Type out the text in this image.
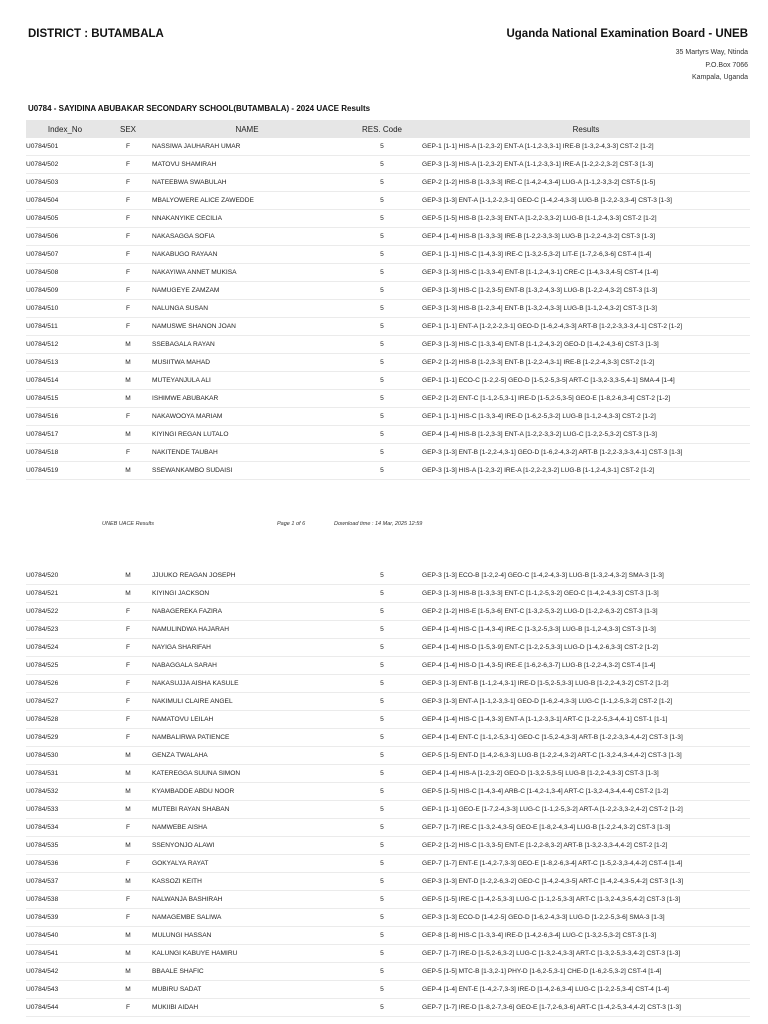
DISTRICT : BUTAMBALA	Uganda National Examination Board - UNEB
35 Martyrs Way, Ntinda
P.O.Box 7066
Kampala, Uganda
U0784 - SAYIDINA ABUBAKAR SECONDARY SCHOOL(BUTAMBALA) - 2024 UACE Results
Index_No	SEX	NAME	RES. Code	Results
U0784/501	F	NASSIWA JAUHARAH UMAR	5	GEP-1 [1-1] HIS-A [1-2,3-2] ENT-A [1-1,2-3,3-1] IRE-B [1-3,2-4,3-3] CST-2 [1-2]
U0784/502	F	MATOVU SHAMIRAH	5	GEP-3 [1-3] HIS-A [1-2,3-2] ENT-A [1-1,2-3,3-1] IRE-A [1-2,2-2,3-2] CST-3 [1-3]
U0784/503	F	NATEEBWA SWABULAH	5	GEP-2 [1-2] HIS-B [1-3,3-3] IRE-C [1-4,2-4,3-4] LUG-A [1-1,2-3,3-2] CST-5 [1-5]
U0784/504	F	MBALYOWERE ALICE ZAWEDDE	5	GEP-3 [1-3] ENT-A [1-1,2-2,3-1] GEO-C [1-4,2-4,3-3] LUG-B [1-2,2-3,3-4] CST-3 [1-3]
U0784/505	F	NNAKANYIKE CECILIA	5	GEP-5 [1-5] HIS-B [1-2,3-3] ENT-A [1-2,2-3,3-2] LUG-B [1-1,2-4,3-3] CST-2 [1-2]
U0784/506	F	NAKASAGGA SOFIA	5	GEP-4 [1-4] HIS-B [1-3,3-3] IRE-B [1-2,2-3,3-3] LUG-B [1-2,2-4,3-2] CST-3 [1-3]
U0784/507	F	NAKABUGO RAYAAN	5	GEP-1 [1-1] HIS-C [1-4,3-3] IRE-C [1-3,2-5,3-2] LIT-E [1-7,2-6,3-6] CST-4 [1-4]
U0784/508	F	NAKAYIWA ANNET MUKISA	5	GEP-3 [1-3] HIS-C [1-3,3-4] ENT-B [1-1,2-4,3-1] CRE-C [1-4,3-3,4-5] CST-4 [1-4]
U0784/509	F	NAMUGEYE ZAMZAM	5	GEP-3 [1-3] HIS-C [1-2,3-5] ENT-B [1-3,2-4,3-3] LUG-B [1-2,2-4,3-2] CST-3 [1-3]
U0784/510	F	NALUNGA SUSAN	5	GEP-3 [1-3] HIS-B [1-2,3-4] ENT-B [1-3,2-4,3-3] LUG-B [1-1,2-4,3-2] CST-3 [1-3]
U0784/511	F	NAMUSWE SHANON JOAN	5	GEP-1 [1-1] ENT-A [1-2,2-2,3-1] GEO-D [1-6,2-4,3-3] ART-B [1-2,2-3,3-3,4-1] CST-2 [1-2]
U0784/512	M	SSEBAGALA RAYAN	5	GEP-3 [1-3] HIS-C [1-3,3-4] ENT-B [1-1,2-4,3-2] GEO-D [1-4,2-4,3-6] CST-3 [1-3]
U0784/513	M	MUSIITWA MAHAD	5	GEP-2 [1-2] HIS-B [1-2,3-3] ENT-B [1-2,2-4,3-1] IRE-B [1-2,2-4,3-3] CST-2 [1-2]
U0784/514	M	MUTEYANJULA ALI	5	GEP-1 [1-1] ECO-C [1-2,2-5] GEO-D [1-5,2-5,3-5] ART-C [1-3,2-3,3-5,4-1] SMA-4 [1-4]
U0784/515	M	ISHIMWE ABUBAKAR	5	GEP-2 [1-2] ENT-C [1-1,2-5,3-1] IRE-D [1-5,2-5,3-5] GEO-E [1-8,2-6,3-4] CST-2 [1-2]
U0784/516	F	NAKAWOOYA MARIAM	5	GEP-1 [1-1] HIS-C [1-3,3-4] IRE-D [1-6,2-5,3-2] LUG-B [1-1,2-4,3-3] CST-2 [1-2]
U0784/517	M	KIYINGI REGAN LUTALO	5	GEP-4 [1-4] HIS-B [1-2,3-3] ENT-A [1-2,2-3,3-2] LUG-C [1-2,2-5,3-2] CST-3 [1-3]
U0784/518	F	NAKITENDE TAUBAH	5	GEP-3 [1-3] ENT-B [1-2,2-4,3-1] GEO-D [1-6,2-4,3-2] ART-B [1-2,2-3,3-3,4-1] CST-3 [1-3]
U0784/519	M	SSEWANKAMBO SUDAISI	5	GEP-3 [1-3] HIS-A [1-2,3-2] IRE-A [1-2,2-2,3-2] LUG-B [1-1,2-4,3-1] CST-2 [1-2]
UNEB UACE Results	Page 1 of 6	Download time : 14 Mar, 2025 12:59
U0784/520	M	JJUUKO REAGAN JOSEPH	5	GEP-3 [1-3] ECO-B [1-2,2-4] GEO-C [1-4,2-4,3-3] LUG-B [1-3,2-4,3-2] SMA-3 [1-3]
U0784/521	M	KIYINGI JACKSON	5	GEP-3 [1-3] HIS-B [1-3,3-3] ENT-C [1-1,2-5,3-2] GEO-C [1-4,2-4,3-3] CST-3 [1-3]
U0784/522	F	NABAGEREKA FAZIRA	5	GEP-2 [1-2] HIS-E [1-5,3-6] ENT-C [1-3,2-5,3-2] LUG-D [1-2,2-6,3-2] CST-3 [1-3]
U0784/523	F	NAMULINDWA HAJARAH	5	GEP-4 [1-4] HIS-C [1-4,3-4] IRE-C [1-3,2-5,3-3] LUG-B [1-1,2-4,3-3] CST-3 [1-3]
U0784/524	F	NAYIGA SHARIFAH	5	GEP-4 [1-4] HIS-D [1-5,3-9] ENT-C [1-2,2-5,3-3] LUG-D [1-4,2-6,3-3] CST-2 [1-2]
U0784/525	F	NABAGGALA SARAH	5	GEP-4 [1-4] HIS-D [1-4,3-5] IRE-E [1-6,2-6,3-7] LUG-B [1-2,2-4,3-2] CST-4 [1-4]
U0784/526	F	NAKASUJJA AISHA KASULE	5	GEP-3 [1-3] ENT-B [1-1,2-4,3-1] IRE-D [1-5,2-5,3-3] LUG-B [1-2,2-4,3-2] CST-2 [1-2]
U0784/527	F	NAKIMULI CLAIRE ANGEL	5	GEP-3 [1-3] ENT-A [1-1,2-3,3-1] GEO-D [1-6,2-4,3-3] LUG-C [1-1,2-5,3-2] CST-2 [1-2]
U0784/528	F	NAMATOVU LEILAH	5	GEP-4 [1-4] HIS-C [1-4,3-3] ENT-A [1-1,2-3,3-1] ART-C [1-2,2-5,3-4,4-1] CST-1 [1-1]
U0784/529	F	NAMBALIRWA PATIENCE	5	GEP-4 [1-4] ENT-C [1-1,2-5,3-1] GEO-C [1-5,2-4,3-3] ART-B [1-2,2-3,3-4,4-2] CST-3 [1-3]
U0784/530	M	GENZA TWALAHA	5	GEP-5 [1-5] ENT-D [1-4,2-6,3-3] LUG-B [1-2,2-4,3-2] ART-C [1-3,2-4,3-4,4-2] CST-3 [1-3]
U0784/531	M	KATEREGGA SUUNA SIMON	5	GEP-4 [1-4] HIS-A [1-2,3-2] GEO-D [1-3,2-5,3-5] LUG-B [1-2,2-4,3-3] CST-3 [1-3]
U0784/532	M	KYAMBADDE ABDU NOOR	5	GEP-5 [1-5] HIS-C [1-4,3-4] ARB-C [1-4,2-1,3-4] ART-C [1-3,2-4,3-4,4-4] CST-2 [1-2]
U0784/533	M	MUTEBI RAYAN SHABAN	5	GEP-1 [1-1] GEO-E [1-7,2-4,3-3] LUG-C [1-1,2-5,3-2] ART-A [1-2,2-3,3-2,4-2] CST-2 [1-2]
U0784/534	F	NAMWEBE AISHA	5	GEP-7 [1-7] IRE-C [1-3,2-4,3-5] GEO-E [1-8,2-4,3-4] LUG-B [1-2,2-4,3-2] CST-3 [1-3]
U0784/535	M	SSENYONJO ALAWI	5	GEP-2 [1-2] HIS-C [1-3,3-5] ENT-E [1-2,2-8,3-2] ART-B [1-3,2-3,3-4,4-2] CST-2 [1-2]
U0784/536	F	GOKYALYA RAYAT	5	GEP-7 [1-7] ENT-E [1-4,2-7,3-3] GEO-E [1-8,2-6,3-4] ART-C [1-5,2-3,3-4,4-2] CST-4 [1-4]
U0784/537	M	KASSOZI KEITH	5	GEP-3 [1-3] ENT-D [1-2,2-6,3-2] GEO-C [1-4,2-4,3-5] ART-C [1-4,2-4,3-5,4-2] CST-3 [1-3]
U0784/538	F	NALWANJA BASHIRAH	5	GEP-5 [1-5] IRE-C [1-4,2-5,3-3] LUG-C [1-1,2-5,3-3] ART-C [1-3,2-4,3-5,4-2] CST-3 [1-3]
U0784/539	F	NAMAGEMBE SALIWA	5	GEP-3 [1-3] ECO-D [1-4,2-5] GEO-D [1-6,2-4,3-3] LUG-D [1-2,2-5,3-6] SMA-3 [1-3]
U0784/540	M	MULUNGI HASSAN	5	GEP-8 [1-8] HIS-C [1-3,3-4] IRE-D [1-4,2-6,3-4] LUG-C [1-3,2-5,3-2] CST-3 [1-3]
U0784/541	M	KALUNGI KABUYE HAMIRU	5	GEP-7 [1-7] IRE-D [1-5,2-6,3-2] LUG-C [1-3,2-4,3-3] ART-C [1-3,2-5,3-3,4-2] CST-3 [1-3]
U0784/542	M	BBAALE SHAFIC	5	GEP-5 [1-5] MTC-B [1-3,2-1] PHY-D [1-6,2-5,3-1] CHE-D [1-6,2-5,3-2] CST-4 [1-4]
U0784/543	M	MUBIRU SADAT	5	GEP-4 [1-4] ENT-E [1-4,2-7,3-3] IRE-D [1-4,2-6,3-4] LUG-C [1-2,2-5,3-4] CST-4 [1-4]
U0784/544	F	MUKIIBI AIDAH	5	GEP-7 [1-7] IRE-D [1-8,2-7,3-6] GEO-E [1-7,2-6,3-6] ART-C [1-4,2-5,3-4,4-2] CST-3 [1-3]
